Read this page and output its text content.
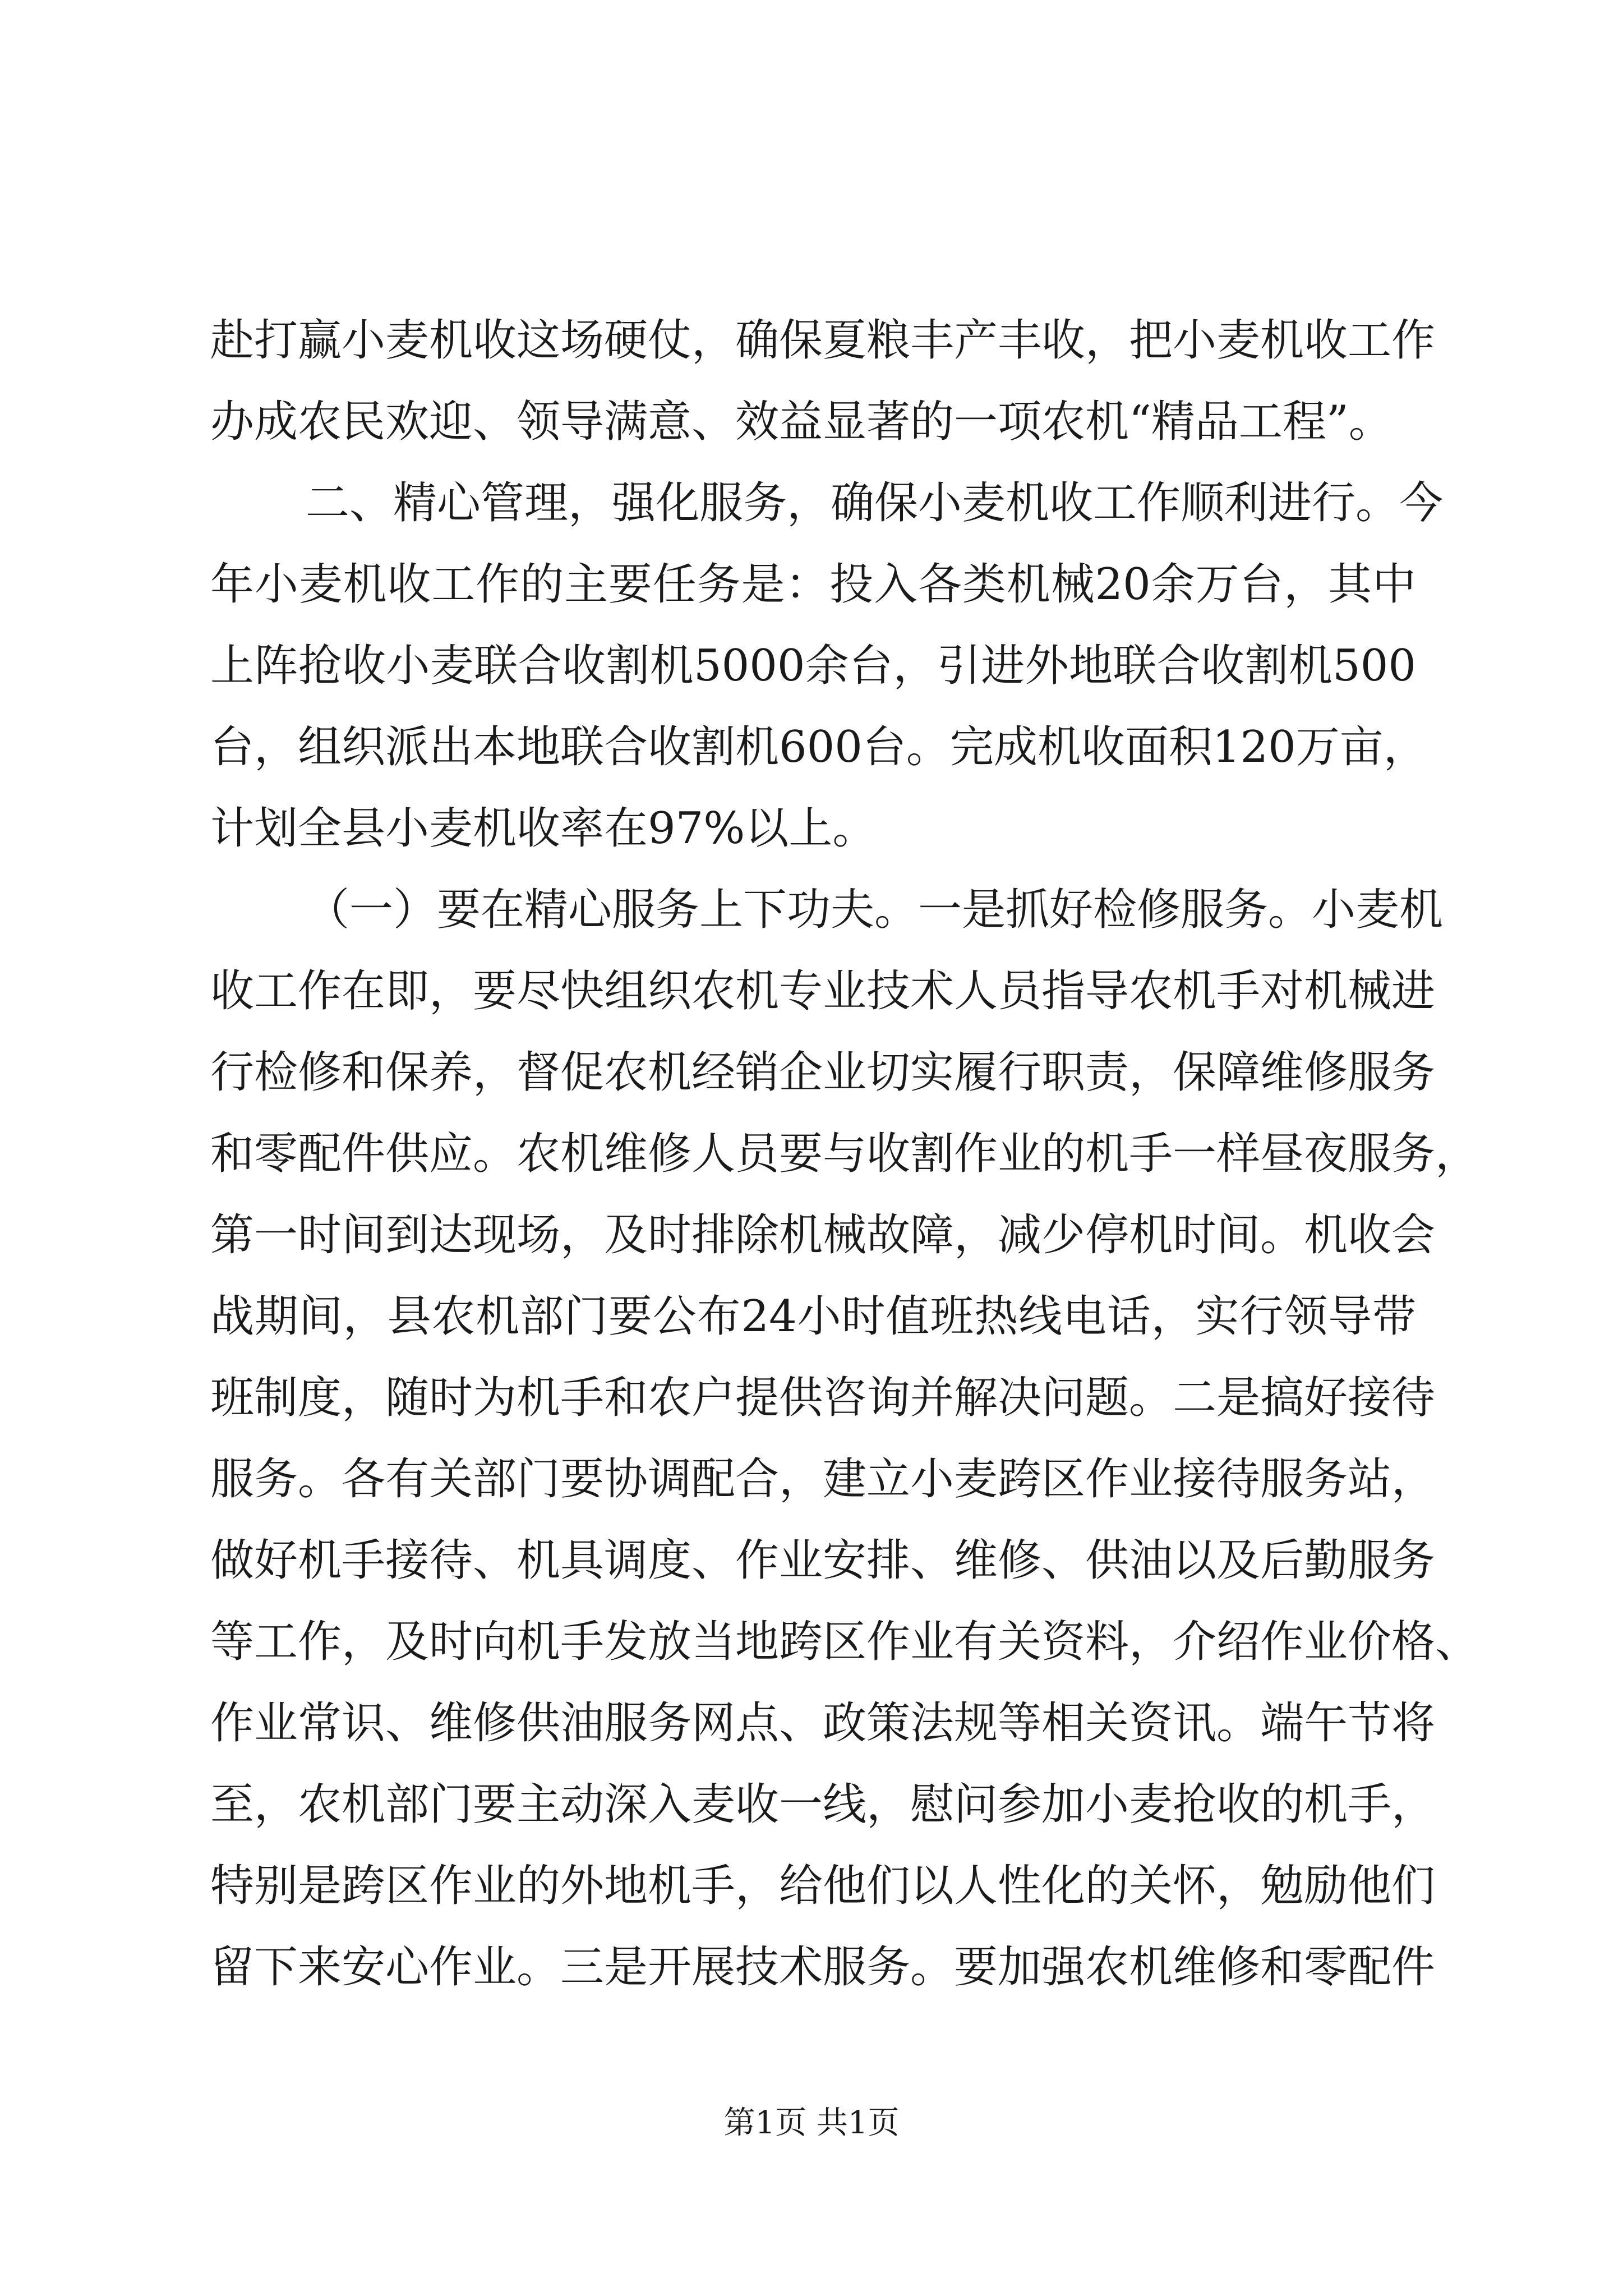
赴打赢小麦机收这场硬仗，确保夏粮丰产丰收，把小麦机收工作
办成农民欢迎、领导满意、效益显著的一项农机“精品工程”。
二、精心管理，强化服务，确保小麦机收工作顺利进行。今
年小麦机收工作的主要任务是：投入各类机械20余万台，其中
上阵抢收小麦联合收割机5000余台，引进外地联合收割机500
台，组织派出本地联合收割机600台。完成机收面积120万亩，
计划全县小麦机收率在97%以上。
（一）要在精心服务上下功夫。一是抓好检修服务。小麦机
收工作在即，要尽快组织农机专业技术人员指导农机手对机械进
行检修和保养，督促农机经销企业切实履行职责，保障维修服务
和零配件供应。农机维修人员要与收割作业的机手一样昼夜服务，
第一时间到达现场，及时排除机械故障，减少停机时间。机收会
战期间，县农机部门要公布24小时值班热线电话，实行领导带
班制度，随时为机手和农户提供咨询并解决问题。二是搞好接待
服务。各有关部门要协调配合，建立小麦跨区作业接待服务站，
做好机手接待、机具调度、作业安排、维修、供油以及后勤服务
等工作，及时向机手发放当地跨区作业有关资料，介绍作业价格、
作业常识、维修供油服务网点、政策法规等相关资讯。端午节将
至，农机部门要主动深入麦收一线，慰问参加小麦抢收的机手，
特别是跨区作业的外地机手，给他们以人性化的关怀，勉励他们
留下来安心作业。三是开展技术服务。要加强农机维修和零配件
第1页 共1页
